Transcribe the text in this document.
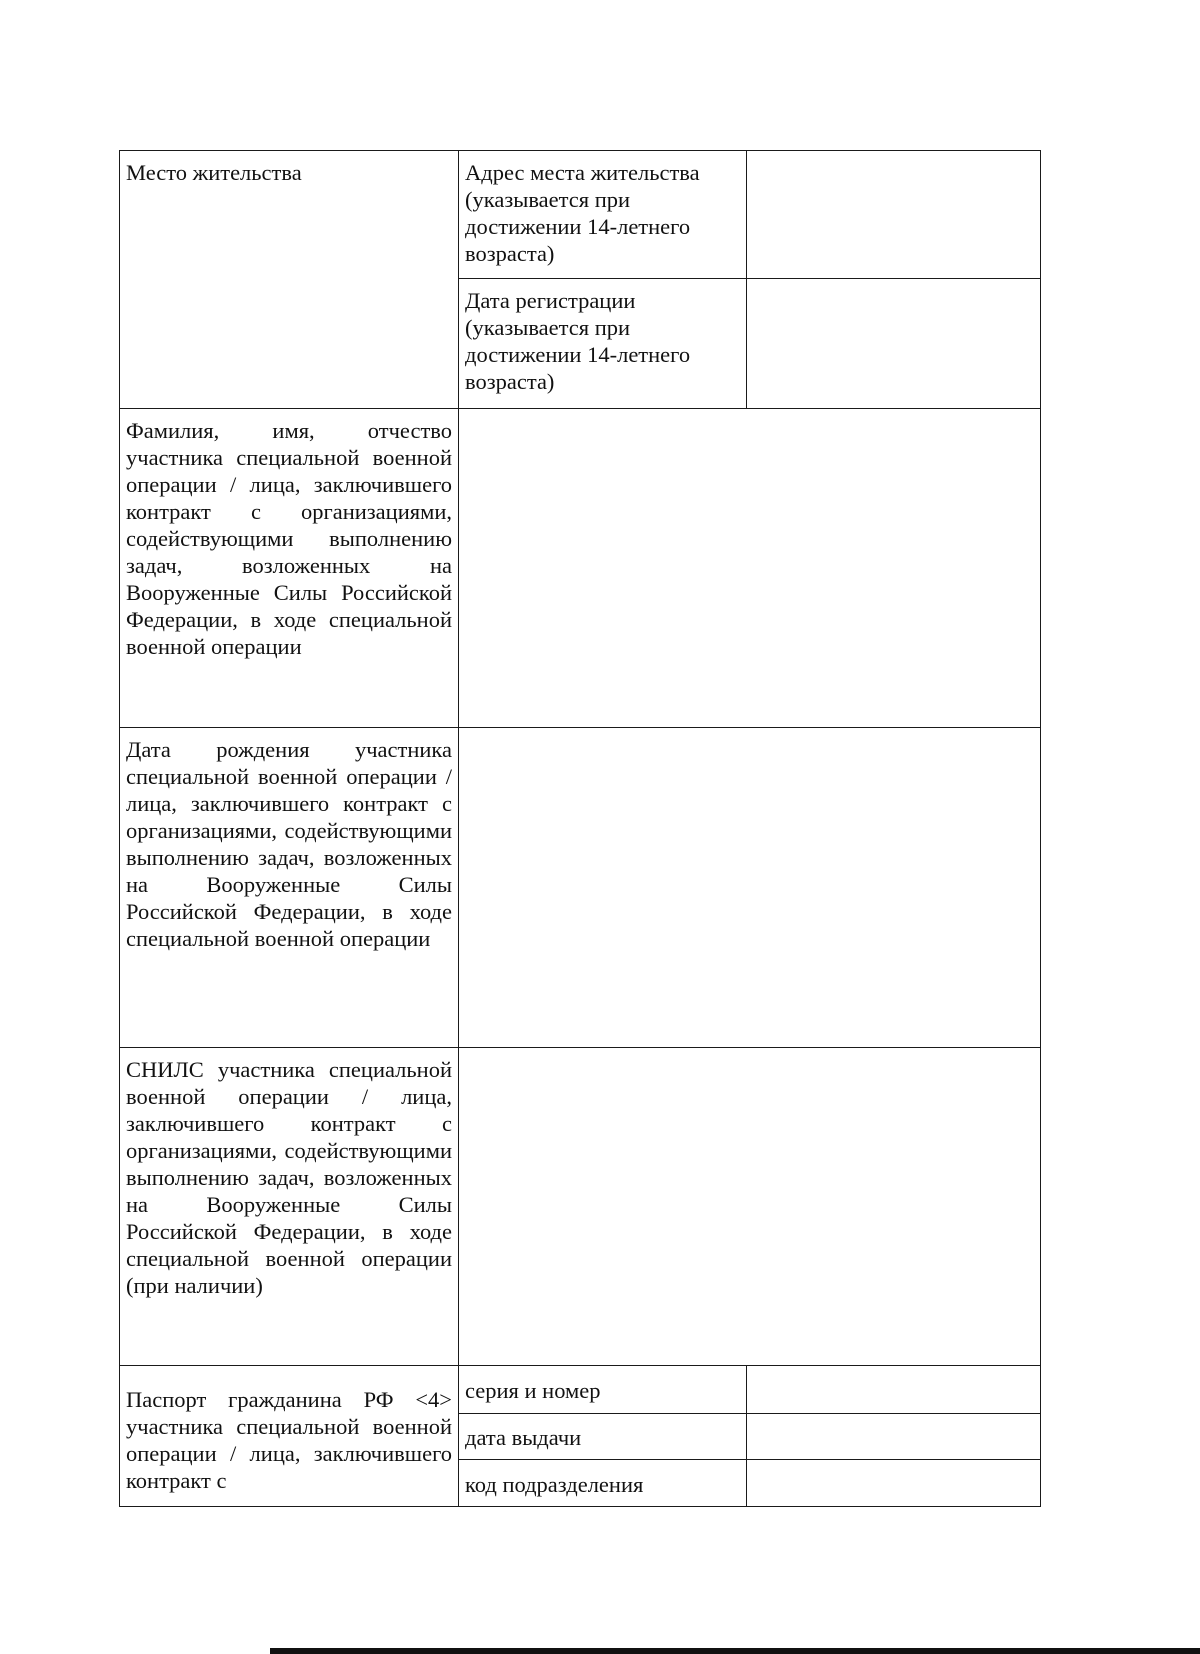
Место жительства	Адрес места жительства (указывается при достижении 14-летнего возраста)	
	Дата регистрации (указывается при достижении 14-летнего возраста)	
Фамилия, имя, отчество участника специальной военной операции / лица, заключившего контракт с организациями, содействующими выполнению задач, возложенных на Вооруженные Силы Российской Федерации, в ходе специальной военной операции		
Дата рождения участника специальной военной операции / лица, заключившего контракт с организациями, содействующими выполнению задач, возложенных на Вооруженные Силы Российской Федерации, в ходе специальной военной операции		
СНИЛС участника специальной военной операции / лица, заключившего контракт с организациями, содействующими выполнению задач, возложенных на Вооруженные Силы Российской Федерации, в ходе специальной военной операции (при наличии)		
Паспорт гражданина РФ <4> участника специальной военной операции / лица, заключившего контракт с	серия и номер	
	дата выдачи	
	код подразделения	
